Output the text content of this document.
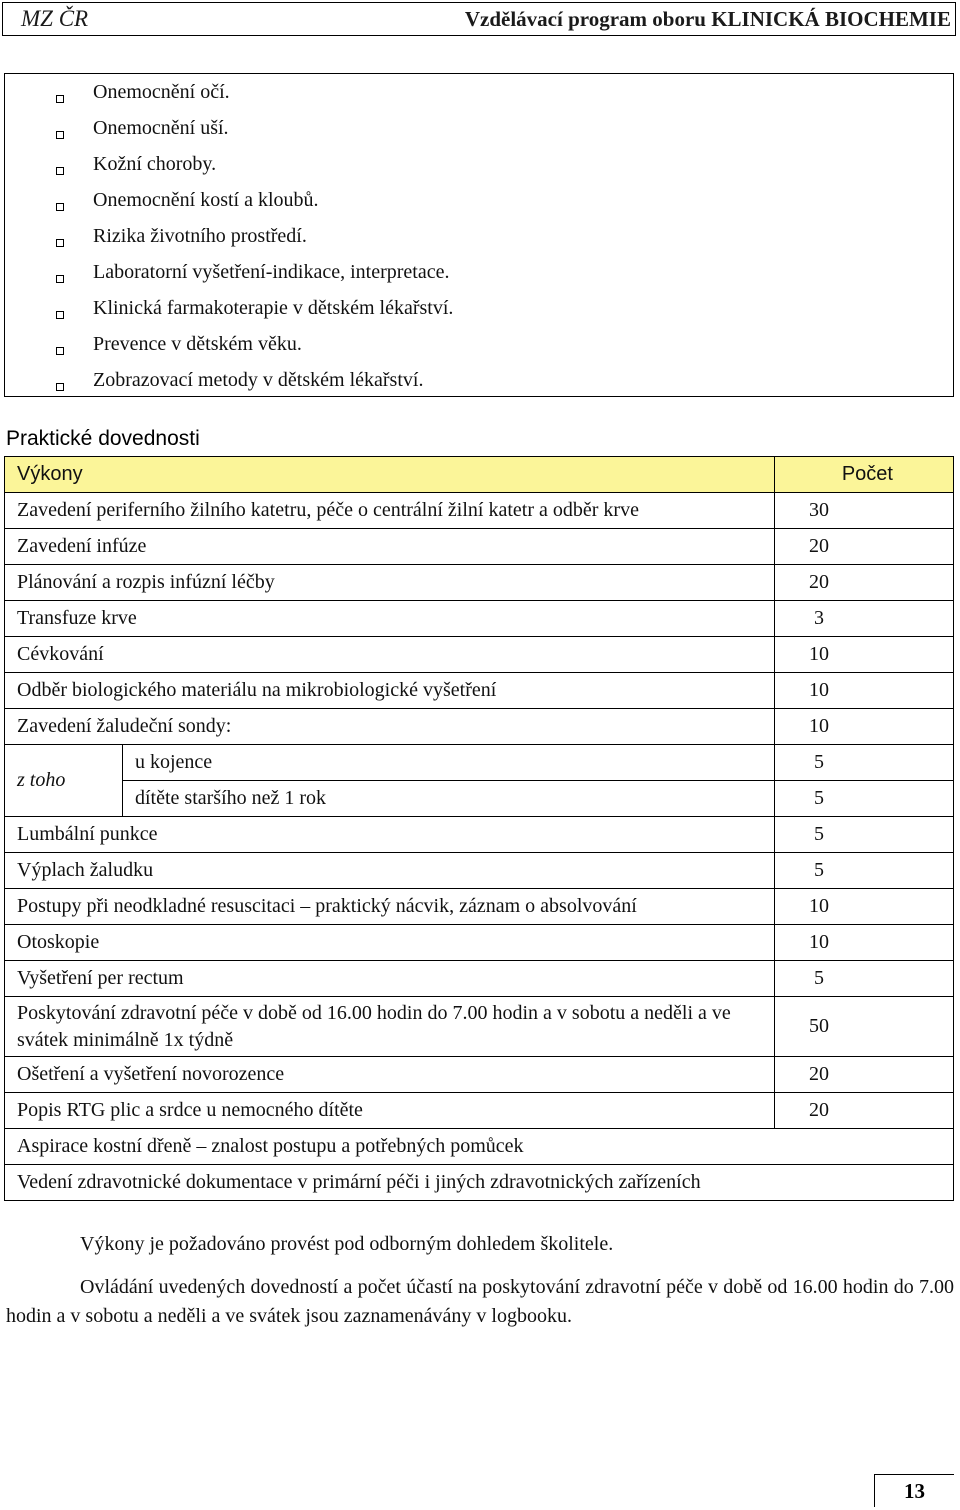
MZ ČR	Vzdělávací program oboru KLINICKÁ BIOCHEMIE
Onemocnění očí.
Onemocnění uší.
Kožní choroby.
Onemocnění kostí a kloubů.
Rizika životního prostředí.
Laboratorní vyšetření-indikace, interpretace.
Klinická farmakoterapie v dětském lékařství.
Prevence v dětském věku.
Zobrazovací metody v dětském lékařství.
Praktické dovednosti
Výkony		Počet
Zavedení periferního žilního katetru, péče o centrální žilní katetr a odběr krve		30
Zavedení infúze		20
Plánování a rozpis infúzní léčby		20
Transfuze krve		3
Cévkování		10
Odběr biologického materiálu na mikrobiologické vyšetření		10
Zavedení žaludeční sondy:		10
z toho	u kojence	5
	dítěte staršího než 1 rok	5
Lumbální punkce		5
Výplach žaludku		5
Postupy při neodkladné resuscitaci – praktický nácvik, záznam o absolvování		10
Otoskopie		10
Vyšetření per rectum		5
Poskytování zdravotní péče v době od 16.00 hodin do 7.00 hodin a v sobotu a neděli a ve svátek minimálně 1x týdně		50
Ošetření a vyšetření novorozence		20
Popis RTG plic a srdce u nemocného dítěte		20
Aspirace kostní dřeně – znalost postupu a potřebných pomůcek		
Vedení zdravotnické dokumentace v primární péči i jiných zdravotnických zařízeních		

Výkony je požadováno provést pod odborným dohledem školitele.

Ovládání uvedených dovedností a počet účastí na poskytování zdravotní péče v době od 16.00 hodin do 7.00 hodin a v sobotu a neděli a ve svátek jsou zaznamenávány v logbooku.

13
